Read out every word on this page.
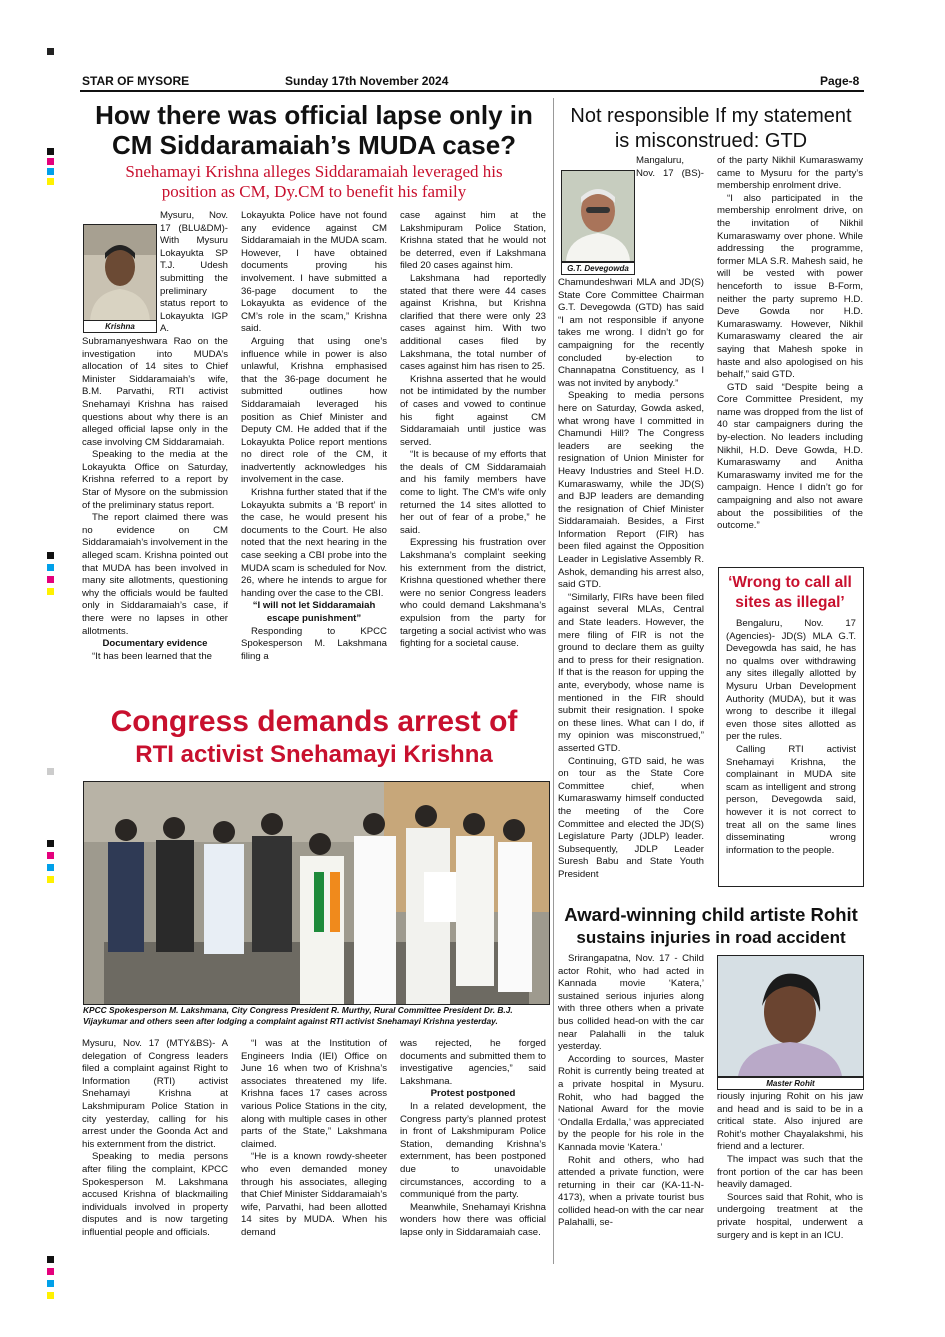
STAR OF MYSORE	Sunday 17th November 2024	Page-8
How there was official lapse only in
CM Siddaramaiah’s MUDA case?
Snehamayi Krishna alleges Siddaramaiah leveraged his
position as CM, Dy.CM to benefit his family
Krishna

Mysuru, Nov. 17 (BLU&DM)- With Mysuru Lokayukta SP T.J. Udesh submitting the preliminary status report to Lokayukta IGP A. Subramanyeshwara Rao on the investigation into MUDA’s allocation of 14 sites to Chief Minister Siddaramaiah’s wife, B.M. Parvathi, RTI activist Snehamayi Krishna has raised questions about why there is an alleged official lapse only in the case involving CM Siddaramaiah.

Speaking to the media at the Lokayukta Office on Saturday, Krishna referred to a report by Star of Mysore on the submission of the preliminary status report.

The report claimed there was no evidence on CM Siddaramaiah’s involvement in the alleged scam. Krishna pointed out that MUDA has been involved in many site allotments, questioning why the officials would be faulted only in Siddaramaiah’s case, if there were no lapses in other allotments.

Documentary evidence

“It has been learned that the

Lokayukta Police have not found any evidence against CM Siddaramaiah in the MUDA scam. However, I have obtained documents proving his involvement. I have submitted a 36-page document to the Lokayukta as evidence of the CM’s role in the scam,” Krishna said.

Arguing that using one’s influence while in power is also unlawful, Krishna emphasised that the 36-page document he submitted outlines how Siddaramaiah leveraged his position as Chief Minister and Deputy CM. He added that if the Lokayukta Police report mentions no direct role of the CM, it inadvertently acknowledges his involvement in the case.

Krishna further stated that if the Lokayukta submits a ‘B report’ in the case, he would present his documents to the Court. He also noted that the next hearing in the case seeking a CBI probe into the MUDA scam is scheduled for Nov. 26, where he intends to argue for handing over the case to the CBI.

“I will not let Siddaramaiah escape punishment”

Responding to KPCC Spokesperson M. Lakshmana filing a

case against him at the Lakshmipuram Police Station, Krishna stated that he would not be deterred, even if Lakshmana filed 20 cases against him.

Lakshmana had reportedly stated that there were 44 cases against Krishna, but Krishna clarified that there were only 23 cases against him. With two additional cases filed by Lakshmana, the total number of cases against him has risen to 25.

Krishna asserted that he would not be intimidated by the number of cases and vowed to continue his fight against CM Siddaramaiah until justice was served.

“It is because of my efforts that the deals of CM Siddaramaiah and his family members have come to light. The CM’s wife only returned the 14 sites allotted to her out of fear of a probe,” he said.

Expressing his frustration over Lakshmana’s complaint seeking his externment from the district, Krishna questioned whether there were no senior Congress leaders who could demand Lakshmana’s expulsion from the party for targeting a social activist who was fighting for a societal cause.

Not responsible If my statement
is misconstrued: GTD
G.T. Devegowda

Mangaluru, Nov. 17 (BS)- Chamundeshwari MLA and JD(S) State Core Committee Chairman G.T. Devegowda (GTD) has said “I am not responsible if anyone takes me wrong. I didn’t go for campaigning for the recently concluded by-election to Channapatna Constituency, as I was not invited by anybody.”

Speaking to media persons here on Saturday, Gowda asked, what wrong have I committed in Chamundi Hill? The Congress leaders are seeking the resignation of Union Minister for Heavy Industries and Steel H.D. Kumaraswamy, while the JD(S) and BJP leaders are demanding the resignation of Chief Minister Siddaramaiah. Besides, a First Information Report (FIR) has been filed against the Opposition Leader in Legislative Assembly R. Ashok, demanding his arrest also, said GTD.

“Similarly, FIRs have been filed against several MLAs, Central and State leaders. However, the mere filing of FIR is not the ground to declare them as guilty and to press for their resignation. If that is the reason for upping the ante, everybody, whose name is mentioned in the FIR should submit their resignation. I spoke on these lines. What can I do, if my opinion was misconstrued,” asserted GTD.

Continuing, GTD said, he was on tour as the State Core Committee chief, when Kumaraswamy himself conducted the meeting of the Core Committee and elected the JD(S) Legislature Party (JDLP) leader. Subsequently, JDLP Leader Suresh Babu and State Youth President

of the party Nikhil Kumaraswamy came to Mysuru for the party’s membership enrolment drive.

“I also participated in the membership enrolment drive, on the invitation of Nikhil Kumaraswamy over phone. While addressing the programme, former MLA S.R. Mahesh said, he will be vested with power henceforth to issue B-Form, neither the party supremo H.D. Deve Gowda nor H.D. Kumaraswamy. However, Nikhil Kumaraswamy cleared the air saying that Mahesh spoke in haste and also apologised on his behalf,” said GTD.

GTD said “Despite being a Core Committee President, my name was dropped from the list of 40 star campaigners during the by-election. No leaders including Nikhil, H.D. Deve Gowda, H.D. Kumaraswamy and Anitha Kumaraswamy invited me for the campaign. Hence I didn’t go for campaigning and also not aware about the possibilities of the outcome.”

‘Wrong to call all
sites as illegal’

Bengaluru, Nov. 17 (Agencies)- JD(S) MLA G.T. Devegowda has said, he has no qualms over withdrawing any sites illegally allotted by Mysuru Urban Development Authority (MUDA), but it was wrong to describe it illegal even those sites allotted as per the rules.

Calling RTI activist Snehamayi Krishna, the complainant in MUDA site scam as intelligent and strong person, Devegowda said, however it is not correct to treat all on the same lines disseminating wrong information to the people.

Congress demands arrest of
RTI activist Snehamayi Krishna
KPCC Spokesperson M. Lakshmana, City Congress President R. Murthy, Rural Committee President Dr. B.J. Vijaykumar and others seen after lodging a complaint against RTI activist Snehamayi Krishna yesterday.

Mysuru, Nov. 17 (MTY&BS)- A delegation of Congress leaders filed a complaint against Right to Information (RTI) activist Snehamayi Krishna at Lakshmipuram Police Station in city yesterday, calling for his arrest under the Goonda Act and his externment from the district.

Speaking to media persons after filing the complaint, KPCC Spokesperson M. Lakshmana accused Krishna of blackmailing individuals involved in property disputes and is now targeting influential people and officials.

“I was at the Institution of Engineers India (IEI) Office on June 16 when two of Krishna’s associates threatened my life. Krishna faces 17 cases across various Police Stations in the city, along with multiple cases in other parts of the State,” Lakshmana claimed.

“He is a known rowdy-sheeter who even demanded money through his associates, alleging that Chief Minister Siddaramaiah’s wife, Parvathi, had been allotted 14 sites by MUDA. When his demand

was rejected, he forged documents and submitted them to investigative agencies,” said Lakshmana.

Protest postponed

In a related development, the Congress party’s planned protest in front of Lakshmipuram Police Station, demanding Krishna’s externment, has been postponed due to unavoidable circumstances, according to a communiqué from the party.

Meanwhile, Snehamayi Krishna wonders how there was official lapse only in Siddaramaiah case.

Award-winning child artiste Rohit
sustains injuries in road accident
Master Rohit

Srirangapatna, Nov. 17 - Child actor Rohit, who had acted in Kannada movie ‘Katera,’ sustained serious injuries along with three others when a private bus collided head-on with the car near Palahalli in the taluk yesterday.

According to sources, Master Rohit is currently being treated at a private hospital in Mysuru. Rohit, who had bagged the National Award for the movie ‘Ondalla Erdalla,’ was appreciated by the people for his role in the Kannada movie ‘Katera.’

Rohit and others, who had attended a private function, were returning in their car (KA-11-N-4173), when a private tourist bus collided head-on with the car near Palahalli, se-

riously injuring Rohit on his jaw and head and is said to be in a critical state. Also injured are Rohit’s mother Chayalakshmi, his friend and a lecturer.

The impact was such that the front portion of the car has been heavily damaged.

Sources said that Rohit, who is undergoing treatment at the private hospital, underwent a surgery and is kept in an ICU.
